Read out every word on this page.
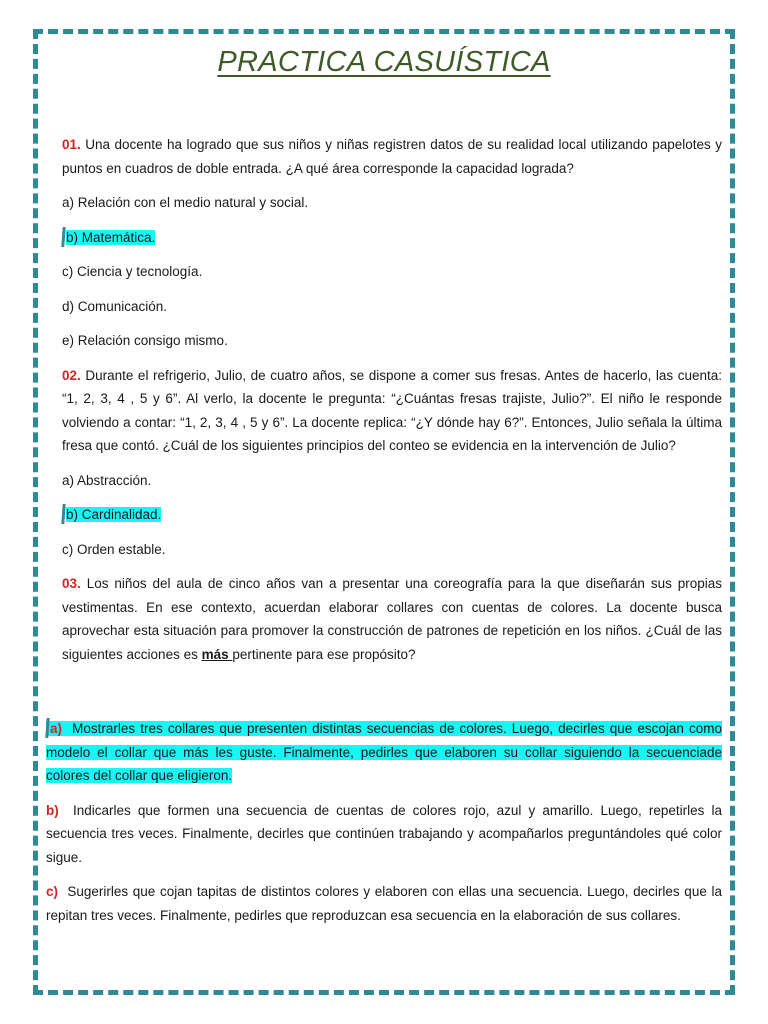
PRACTICA CASUÍSTICA

01. Una docente ha logrado que sus niños y niñas registren datos de su realidad local utilizando papelotes y puntos en cuadros de doble entrada. ¿A qué área corresponde la capacidad lograda?

a) Relación con el medio natural y social.

b) Matemática.

c) Ciencia y tecnología.

d) Comunicación.

e) Relación consigo mismo.

02. Durante el refrigerio, Julio, de cuatro años, se dispone a comer sus fresas. Antes de hacerlo, las cuenta: “1, 2, 3, 4 , 5 y 6”. Al verlo, la docente le pregunta: “¿Cuántas fresas trajiste, Julio?”. El niño le responde volviendo a contar: “1, 2, 3, 4 , 5 y 6”. La docente replica: “¿Y dónde hay 6?”. Entonces, Julio señala la última fresa que contó. ¿Cuál de los siguientes principios del conteo se evidencia en la intervención de Julio?

a) Abstracción.

b) Cardinalidad.

c) Orden estable.

03. Los niños del aula de cinco años van a presentar una coreografía para la que diseñarán sus propias vestimentas. En ese contexto, acuerdan elaborar collares con cuentas de colores. La docente busca aprovechar esta situación para promover la construcción de patrones de repetición en los niños. ¿Cuál de las siguientes acciones es más pertinente para ese propósito?

a) Mostrarles tres collares que presenten distintas secuencias de colores. Luego, decirles que escojan como modelo el collar que más les guste. Finalmente, pedirles que elaboren su collar siguiendo la secuenciade colores del collar que eligieron.

b) Indicarles que formen una secuencia de cuentas de colores rojo, azul y amarillo. Luego, repetirles la secuencia tres veces. Finalmente, decirles que continúen trabajando y acompañarlos preguntándoles qué color sigue.

c) Sugerirles que cojan tapitas de distintos colores y elaboren con ellas una secuencia. Luego, decirles que la repitan tres veces. Finalmente, pedirles que reproduzcan esa secuencia en la elaboración de sus collares.
